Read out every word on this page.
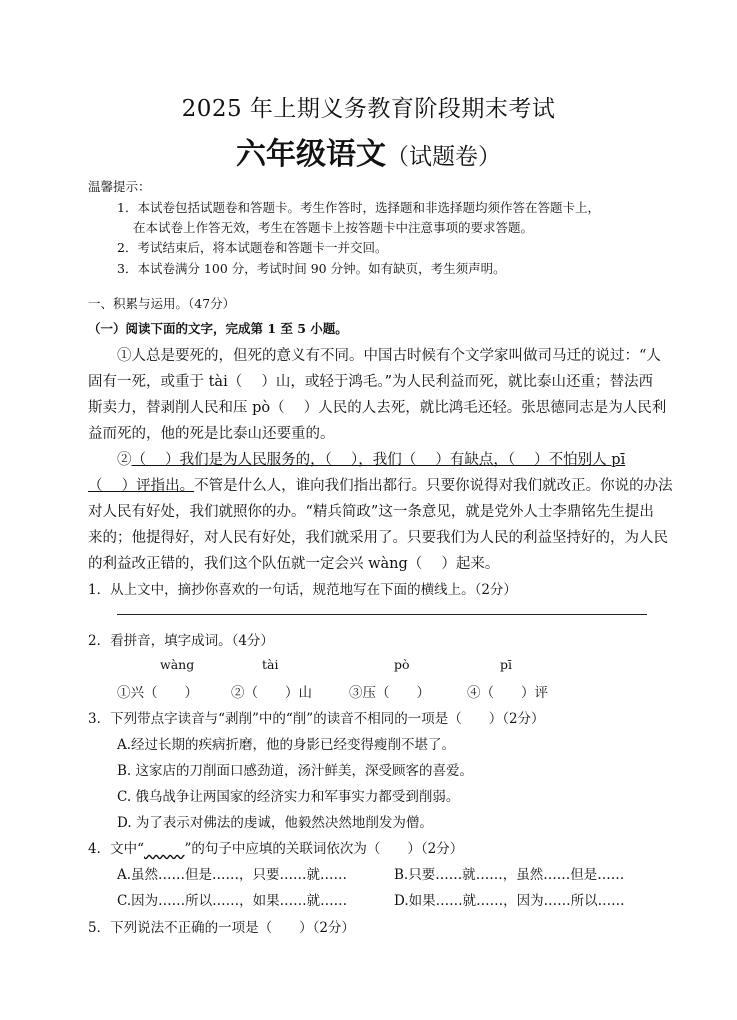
2025 年上期义务教育阶段期末考试
六年级语文（试题卷）
温馨提示：
1．本试卷包括试题卷和答题卡。考生作答时，选择题和非选择题均须作答在答题卡上，
在本试卷上作答无效，考生在答题卡上按答题卡中注意事项的要求答题。
2．考试结束后，将本试题卷和答题卡一并交回。
3．本试卷满分 100 分，考试时间 90 分钟。如有缺页，考生须声明。
一、积累与运用。（47分）
（一）阅读下面的文字，完成第 1 至 5 小题。
①人总是要死的，但死的意义有不同。中国古时候有个文学家叫做司马迁的说过：“人
固有一死，或重于 tài（　 ）山，或轻于鸿毛。”为人民利益而死，就比泰山还重；替法西
斯卖力，替剥削人民和压 pò（　 ）人民的人去死，就比鸿毛还轻。张思德同志是为人民利
益而死的，他的死是比泰山还要重的。
②（　 ）我们是为人民服务的，（　 ），我们（　 ）有缺点，（　 ）不怕别人 pī
（　 ）评指出。不管是什么人，谁向我们指出都行。只要你说得对我们就改正。你说的办法
对人民有好处，我们就照你的办。“精兵简政”这一条意见，就是党外人士李鼎铭先生提出
来的；他提得好，对人民有好处，我们就采用了。只要我们为人民的利益坚持好的，为人民
的利益改正错的，我们这个队伍就一定会兴 wàng（　 ）起来。
1．从上文中，摘抄你喜欢的一句话，规范地写在下面的横线上。（2分）
2．看拼音，填字成词。（4分）
wàng	tài	pò	pī
①兴（　　） ②（　　）山	③压（　　）	④（　　）评
3．下列带点字读音与“剥削”中的“削”的读音不相同的一项是（　　）（2分）
A.经过长期的疾病折磨，他的身影已经变得瘦削不堪了。
B. 这家店的刀削面口感劲道，汤汁鲜美，深受顾客的喜爱。
C. 俄乌战争让两国家的经济实力和军事实力都受到削弱。
D. 为了表示对佛法的虔诚，他毅然决然地削发为僧。
4．文中“　　　	”的句子中应填的关联词依次为（　　）（2分）
A.虽然……但是……，只要……就……	B.只要……就……，虽然……但是……
C.因为……所以……，如果……就……	D.如果……就……，因为……所以……
5．下列说法不正确的一项是（　　）（2分）
